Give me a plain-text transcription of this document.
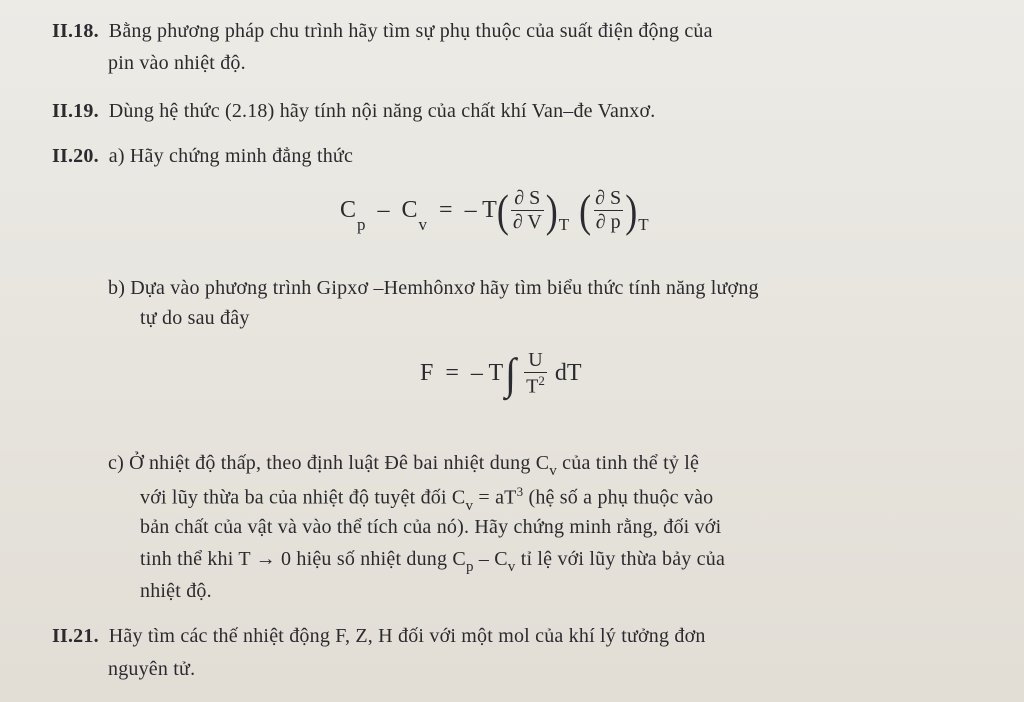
II.18. Bằng phương pháp chu trình hãy tìm sự phụ thuộc của suất điện động của
pin vào nhiệt độ.
II.19. Dùng hệ thức (2.18) hãy tính nội năng của chất khí Van–đe Vanxơ.
II.20. a) Hãy chứng minh đẳng thức
C
p
– C
v
= – T ( $\frac{\partial S}{\partial V}$ ) T ( $\frac{\partial S}{\partial p}$ ) T
b) Dựa vào phương trình Gipxơ –Hemhônxơ hãy tìm biểu thức tính năng lượng
tự do sau đây
F = – T ∫ $\frac{U}{T^2}$ dT
c) Ở nhiệt độ thấp, theo định luật Đê bai nhiệt dung $C_v$ của tinh thể tỷ lệ
với lũy thừa ba của nhiệt độ tuyệt đối $C_v = aT^3$ (hệ số a phụ thuộc vào
bản chất của vật và vào thể tích của nó). Hãy chứng minh rằng, đối với
tinh thể khi T → 0 hiệu số nhiệt dung $C_p - C_v$ tỉ lệ với lũy thừa bảy của
nhiệt độ.
II.21. Hãy tìm các thế nhiệt động F, Z, H đối với một mol của khí lý tưởng đơn
nguyên tử.
